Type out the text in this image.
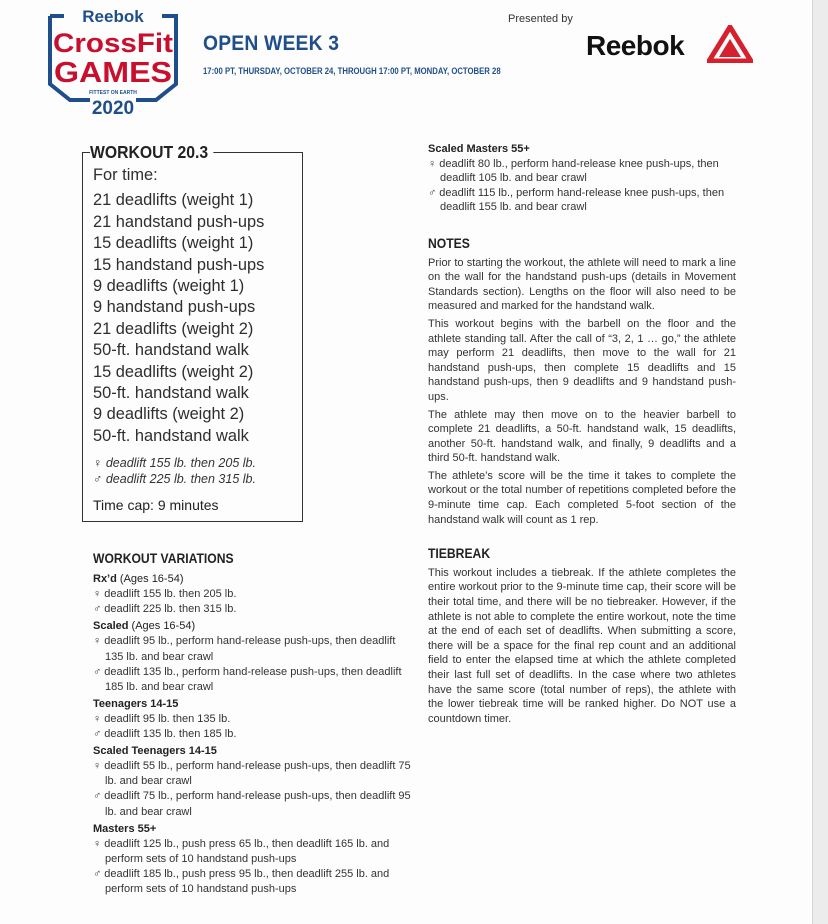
Reebok
CrossFit
GAMES
FITTEST ON EARTH
2020
OPEN WEEK 3
17:00 PT, THURSDAY, OCTOBER 24, THROUGH 17:00 PT, MONDAY, OCTOBER 28
Presented by
Reebok
WORKOUT 20.3
For time:
21 deadlifts (weight 1)
21 handstand push-ups
15 deadlifts (weight 1)
15 handstand push-ups
9 deadlifts (weight 1)
9 handstand push-ups
21 deadlifts (weight 2)
50-ft. handstand walk
15 deadlifts (weight 2)
50-ft. handstand walk
9 deadlifts (weight 2)
50-ft. handstand walk
♀ deadlift 155 lb. then 205 lb.
♂ deadlift 225 lb. then 315 lb.
Time cap: 9 minutes
WORKOUT VARIATIONS
Rx’d (Ages 16-54)
♀ deadlift 155 lb. then 205 lb.
♂ deadlift 225 lb. then 315 lb.
Scaled (Ages 16-54)
♀ deadlift 95 lb., perform hand-release push-ups, then deadlift 135 lb. and bear crawl
♂ deadlift 135 lb., perform hand-release push-ups, then deadlift 185 lb. and bear crawl
Teenagers 14-15
♀ deadlift 95 lb. then 135 lb.
♂ deadlift 135 lb. then 185 lb.
Scaled Teenagers 14-15
♀ deadlift 55 lb., perform hand-release push-ups, then deadlift 75 lb. and bear crawl
♂ deadlift 75 lb., perform hand-release push-ups, then deadlift 95 lb. and bear crawl
Masters 55+
♀ deadlift 125 lb., push press 65 lb., then deadlift 165 lb. and perform sets of 10 handstand push-ups
♂ deadlift 185 lb., push press 95 lb., then deadlift 255 lb. and perform sets of 10 handstand push-ups
Scaled Masters 55+
♀ deadlift 80 lb., perform hand-release knee push-ups, then deadlift 105 lb. and bear crawl
♂ deadlift 115 lb., perform hand-release knee push-ups, then deadlift 155 lb. and bear crawl
NOTES

Prior to starting the workout, the athlete will need to mark a line on the wall for the handstand push-ups (details in Movement Standards section). Lengths on the floor will also need to be measured and marked for the handstand walk.

This workout begins with the barbell on the floor and the athlete standing tall. After the call of “3, 2, 1 … go,” the athlete may perform 21 deadlifts, then move to the wall for 21 handstand push-ups, then complete 15 deadlifts and 15 handstand push-ups, then 9 deadlifts and 9 handstand push-ups.

The athlete may then move on to the heavier barbell to complete 21 deadlifts, a 50-ft. handstand walk, 15 deadlifts, another 50-ft. handstand walk, and finally, 9 deadlifts and a third 50-ft. handstand walk.

The athlete’s score will be the time it takes to complete the workout or the total number of repetitions completed before the 9-minute time cap. Each completed 5-foot section of the handstand walk will count as 1 rep.

TIEBREAK

This workout includes a tiebreak. If the athlete completes the entire workout prior to the 9-minute time cap, their score will be their total time, and there will be no tiebreaker. However, if the athlete is not able to complete the entire workout, note the time at the end of each set of deadlifts. When submitting a score, there will be a space for the final rep count and an additional field to enter the elapsed time at which the athlete completed their last full set of deadlifts. In the case where two athletes have the same score (total number of reps), the athlete with the lower tiebreak time will be ranked higher. Do NOT use a countdown timer.
